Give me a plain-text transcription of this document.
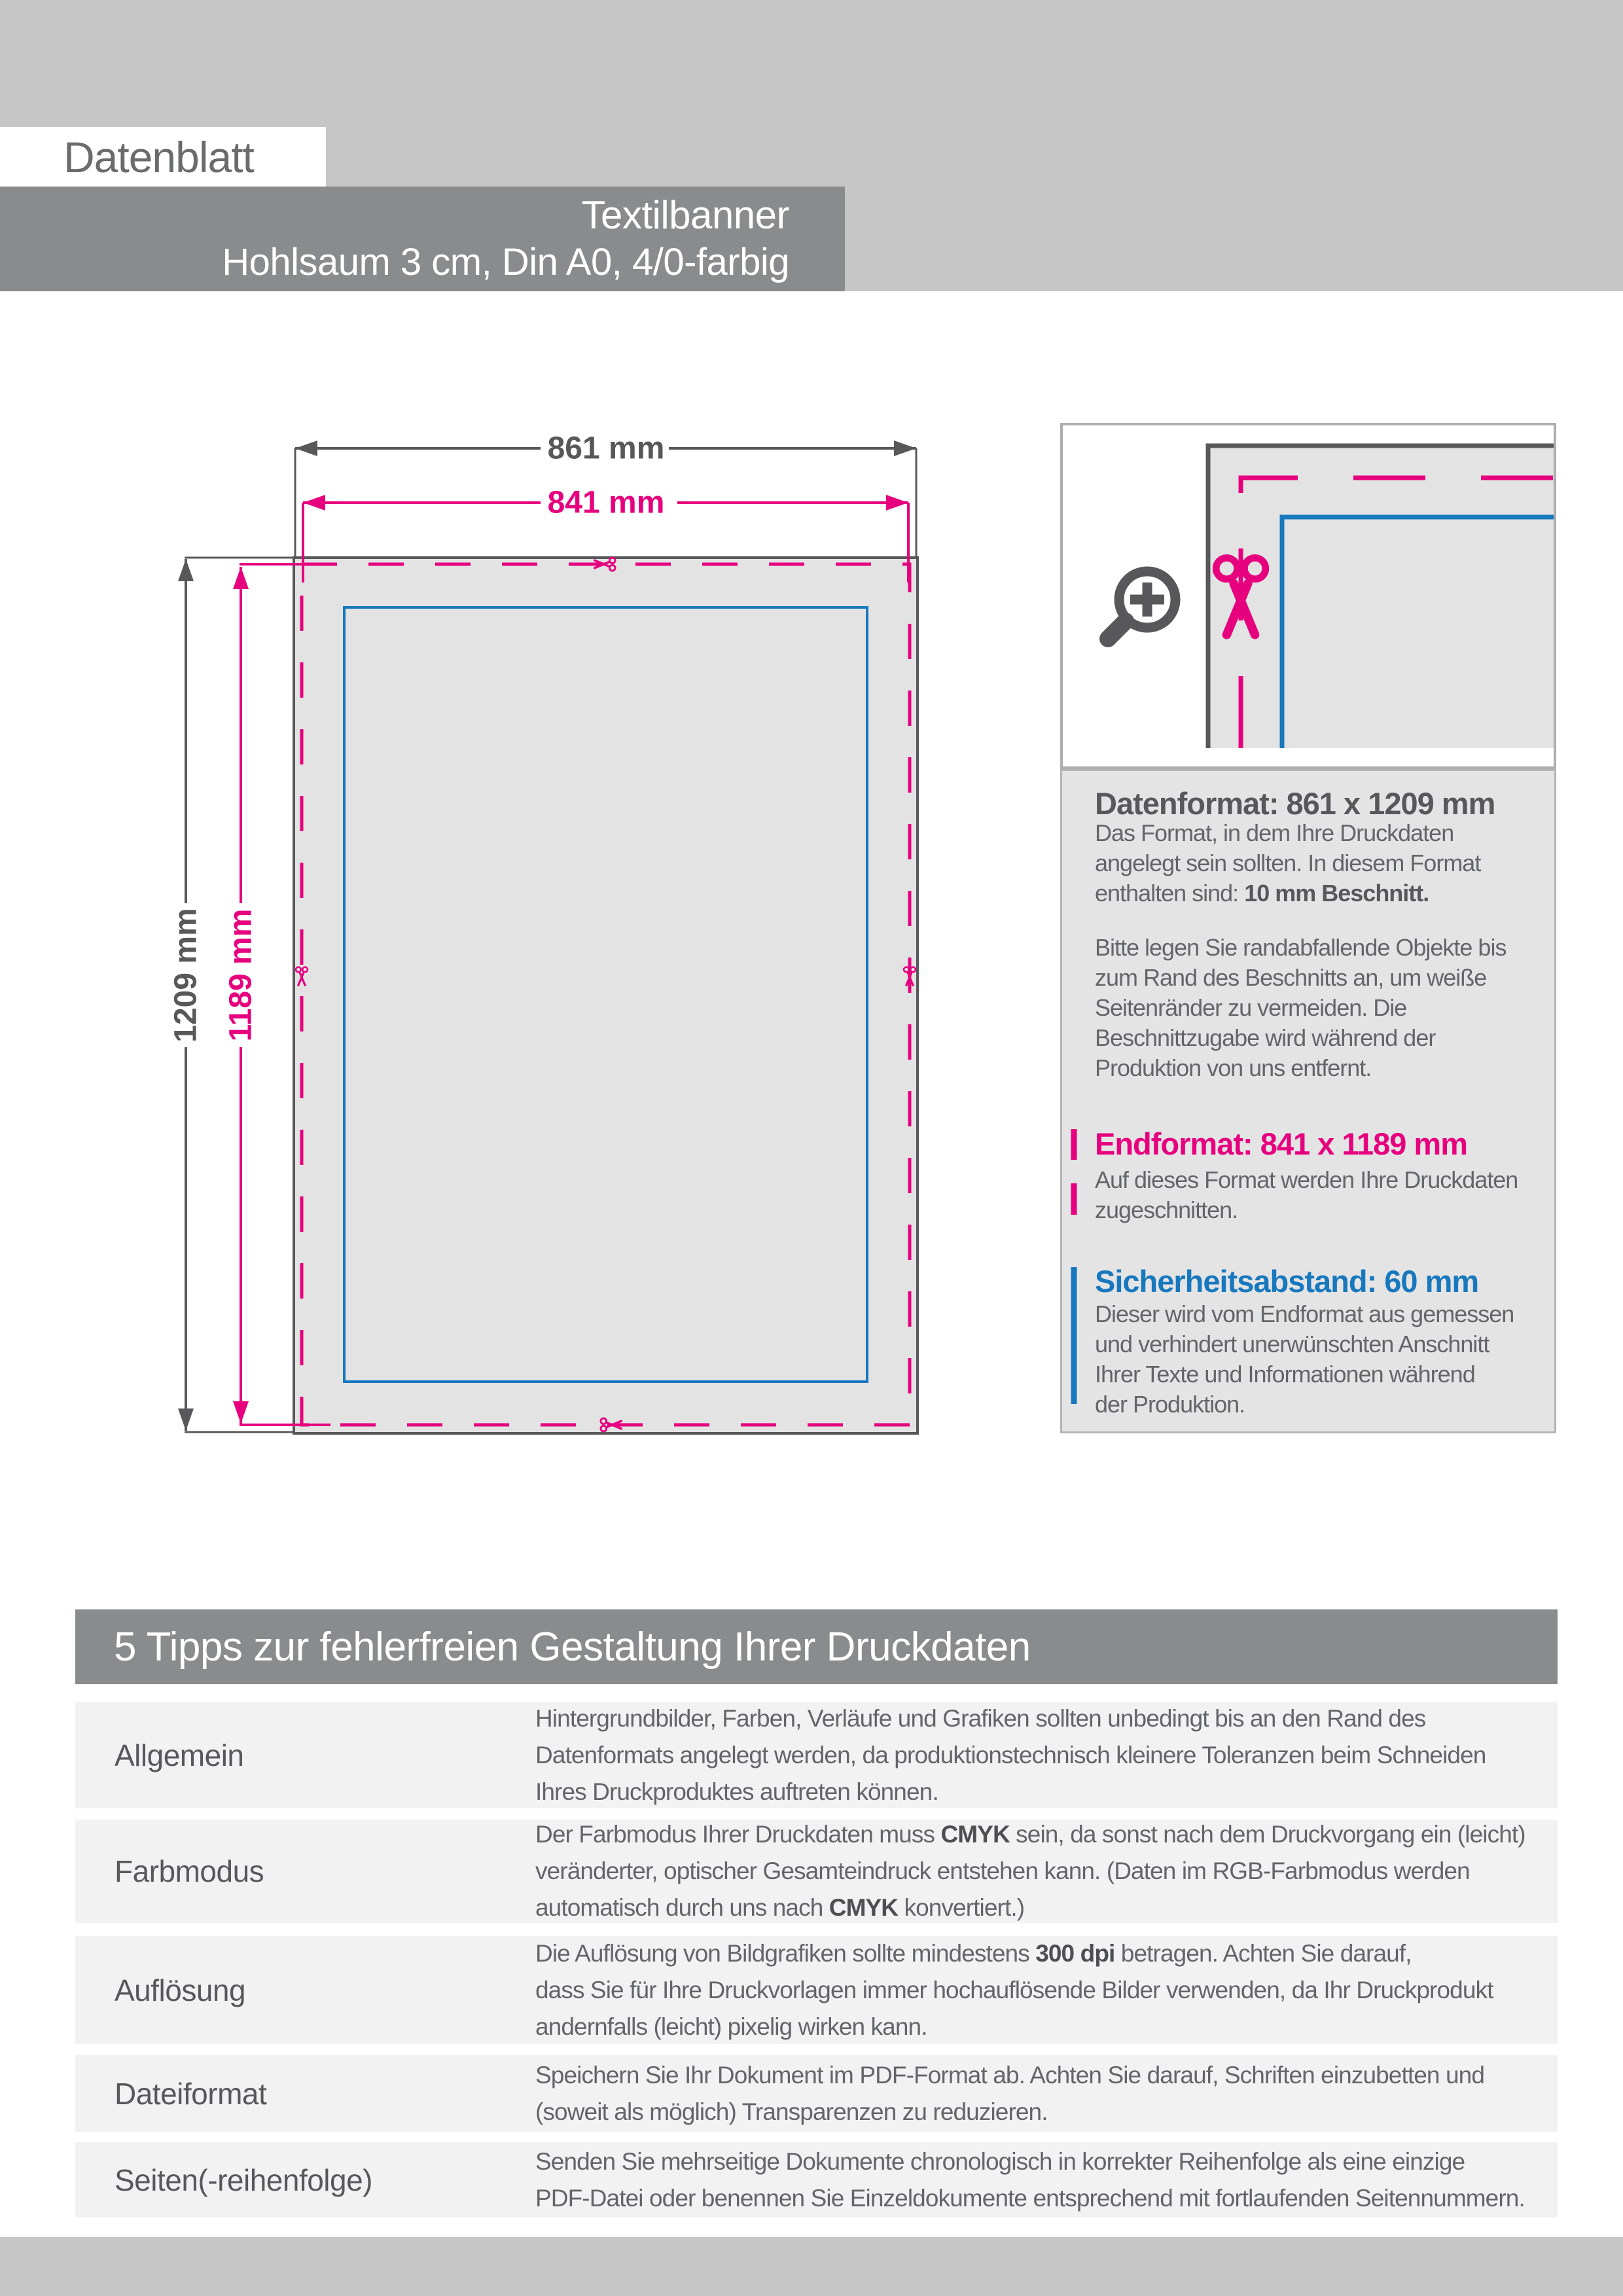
Datenblatt
Textilbanner
Hohlsaum 3 cm, Din A0, 4/0-farbig
861 mm
841 mm
1209 mm 1189 mm
Datenformat: 861 x 1209 mm
Das Format, in dem Ihre Druckdaten
angelegt sein sollten. In diesem Format
enthalten sind: 10 mm Beschnitt.
Bitte legen Sie randabfallende Objekte bis
zum Rand des Beschnitts an, um weiße
Seitenränder zu vermeiden. Die
Beschnittzugabe wird während der
Produktion von uns entfernt.
Endformat: 841 x 1189 mm
Auf dieses Format werden Ihre Druckdaten
zugeschnitten.
Sicherheitsabstand: 60 mm
Dieser wird vom Endformat aus gemessen
und verhindert unerwünschten Anschnitt
Ihrer Texte und Informationen während
der Produktion.
5 Tipps zur fehlerfreien Gestaltung Ihrer Druckdaten
Allgemein
Hintergrundbilder, Farben, Verläufe und Grafiken sollten unbedingt bis an den Rand des
Datenformats angelegt werden, da produktionstechnisch kleinere Toleranzen beim Schneiden
Ihres Druckproduktes auftreten können.
Farbmodus
Der Farbmodus Ihrer Druckdaten muss CMYK sein, da sonst nach dem Druckvorgang ein (leicht)
veränderter, optischer Gesamteindruck entstehen kann. (Daten im RGB-Farbmodus werden
automatisch durch uns nach CMYK konvertiert.)
Auflösung
Die Auflösung von Bildgrafiken sollte mindestens 300 dpi betragen. Achten Sie darauf,
dass Sie für Ihre Druckvorlagen immer hochauflösende Bilder verwenden, da Ihr Druckprodukt
andernfalls (leicht) pixelig wirken kann.
Dateiformat
Speichern Sie Ihr Dokument im PDF-Format ab. Achten Sie darauf, Schriften einzubetten und
(soweit als möglich) Transparenzen zu reduzieren.
Seiten(-reihenfolge)
Senden Sie mehrseitige Dokumente chronologisch in korrekter Reihenfolge als eine einzige
PDF-Datei oder benennen Sie Einzeldokumente entsprechend mit fortlaufenden Seitennummern.
